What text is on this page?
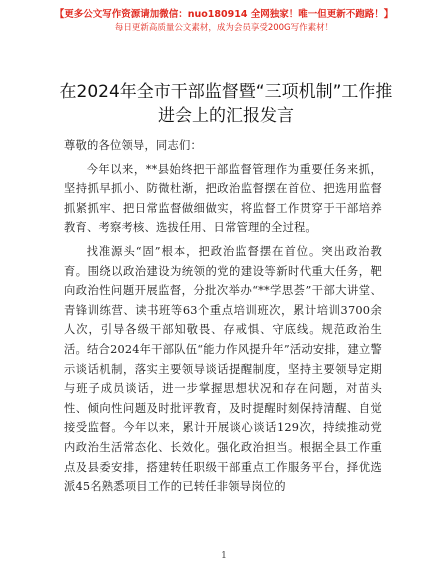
【更多公文写作资源请加微信：nuo180914 全网独家！唯一但更新不跑路！】
每日更新高质量公文素材，成为会员享受200G写作素材！
在2024年全市干部监督暨“三项机制”工作推进会上的汇报发言

尊敬的各位领导，同志们：

今年以来，**县始终把干部监督管理作为重要任务来抓，坚持抓早抓小、防微杜渐，把政治监督摆在首位、把选用监督抓紧抓牢、把日常监督做细做实，将监督工作贯穿于干部培养教育、考察考核、选拔任用、日常管理的全过程。

找准源头“固”根本，把政治监督摆在首位。突出政治教育。围绕以政治建设为统领的党的建设等新时代重大任务，靶向政治性问题开展监督，分批次举办“**学思荟”干部大讲堂、青锋训练营、读书班等63个重点培训班次，累计培训3700余人次，引导各级干部知敬畏、存戒惧、守底线。规范政治生活。结合2024年干部队伍“能力作风提升年”活动安排，建立警示谈话机制，落实主要领导谈话提醒制度，坚持主要领导定期与班子成员谈话，进一步掌握思想状况和存在问题，对苗头性、倾向性问题及时批评教育，及时提醒时刻保持清醒、自觉接受监督。今年以来，累计开展谈心谈话129次，持续推动党内政治生活常态化、长效化。强化政治担当。根据全县工作重点及县委安排，搭建转任职级干部重点工作服务平台，择优选派45名熟悉项目工作的已转任非领导岗位的

1
